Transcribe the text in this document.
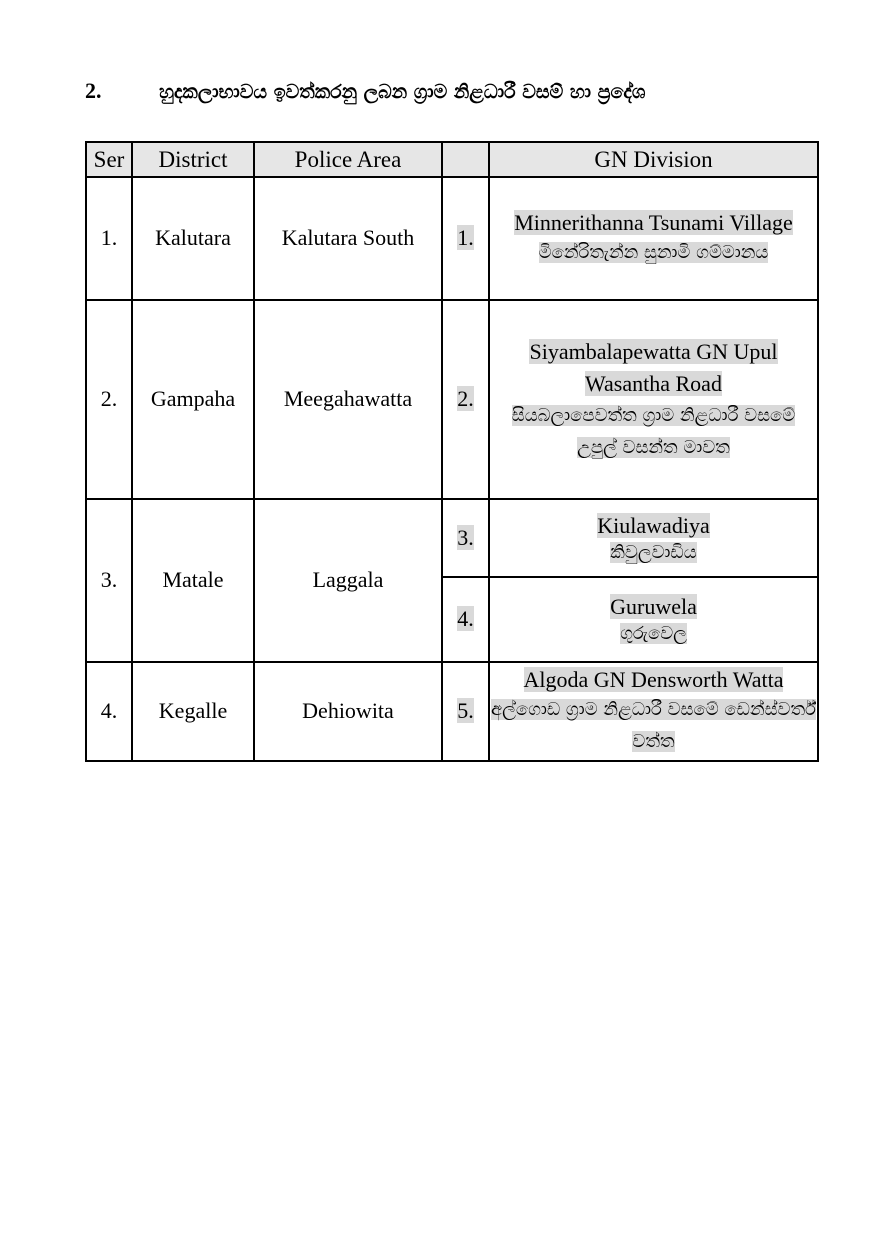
2.	හුදකලාභාවය ඉවත්කරනු ලබන ග්‍රාම නිළධාරී වසම් හා ප්‍රදේශ
Ser	District	Police Area		GN Division
1.	Kalutara	Kalutara South	1.	Minnerithanna Tsunami Village
මිනේරිතැන්න සුනාමි ගම්මානය

2.	Gampaha	Meegahawatta	2.	Siyambalapewatta GN Upul Wasantha Road
සියබලාපෙවත්ත ග්‍රාම නිළධාරී වසමේ උපුල් වසන්ත මාවත

3.	Matale	Laggala	3.	Kiulawadiya
කිවුලවාඩිය

			4.	Guruwela
ගුරුවෙල

4.	Kegalle	Dehiowita	5.	Algoda GN Densworth Watta
අල්ගොඩ ග්‍රාම නිළධාරී වසමේ ඩෙන්ස්වර්ත් වත්ත
